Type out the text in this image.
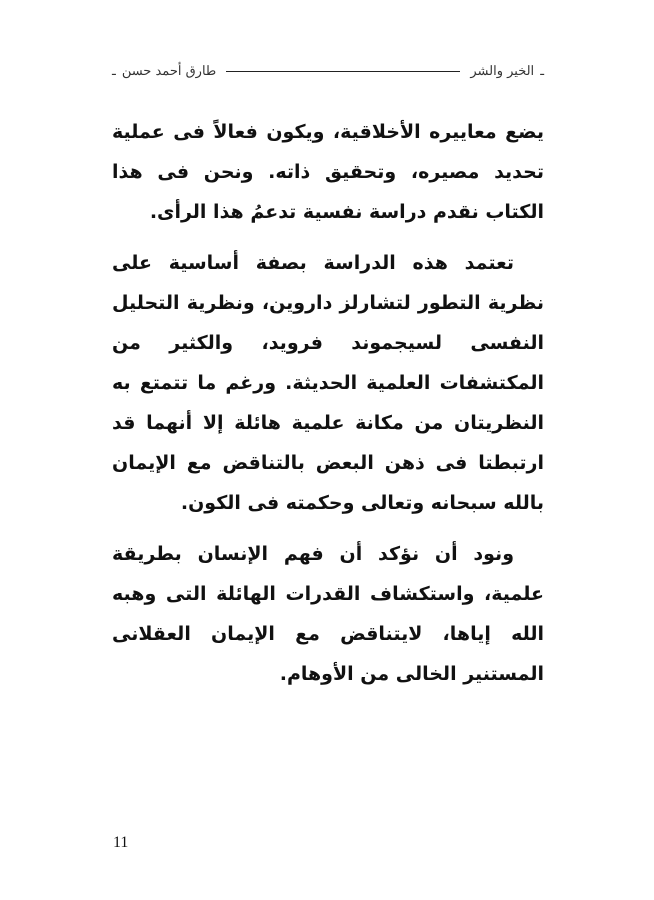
ـ
الخير والشر
طارق أحمد حسن
ـ

يضع معاييره الأخلاقية، ويكون فعالاً فى عملية تحديد مصيره، وتحقيق ذاته. ونحن فى هذا الكتاب نقدم دراسة نفسية تدعمُ هذا الرأى.

تعتمد هذه الدراسة بصفة أساسية على نظرية التطور لتشارلز داروين، ونظرية التحليل النفسى لسيجموند فرويد، والكثير من المكتشفات العلمية الحديثة. ورغم ما تتمتع به النظريتان من مكانة علمية هائلة إلا أنهما قد ارتبطتا فى ذهن البعض بالتناقض مع الإيمان بالله سبحانه وتعالى وحكمته فى الكون.

ونود أن نؤكد أن فهم الإنسان بطريقة علمية، واستكشاف القدرات الهائلة التى وهبه الله إياها، لايتناقض مع الإيمان العقلانى المستنير الخالى من الأوهام.

11
